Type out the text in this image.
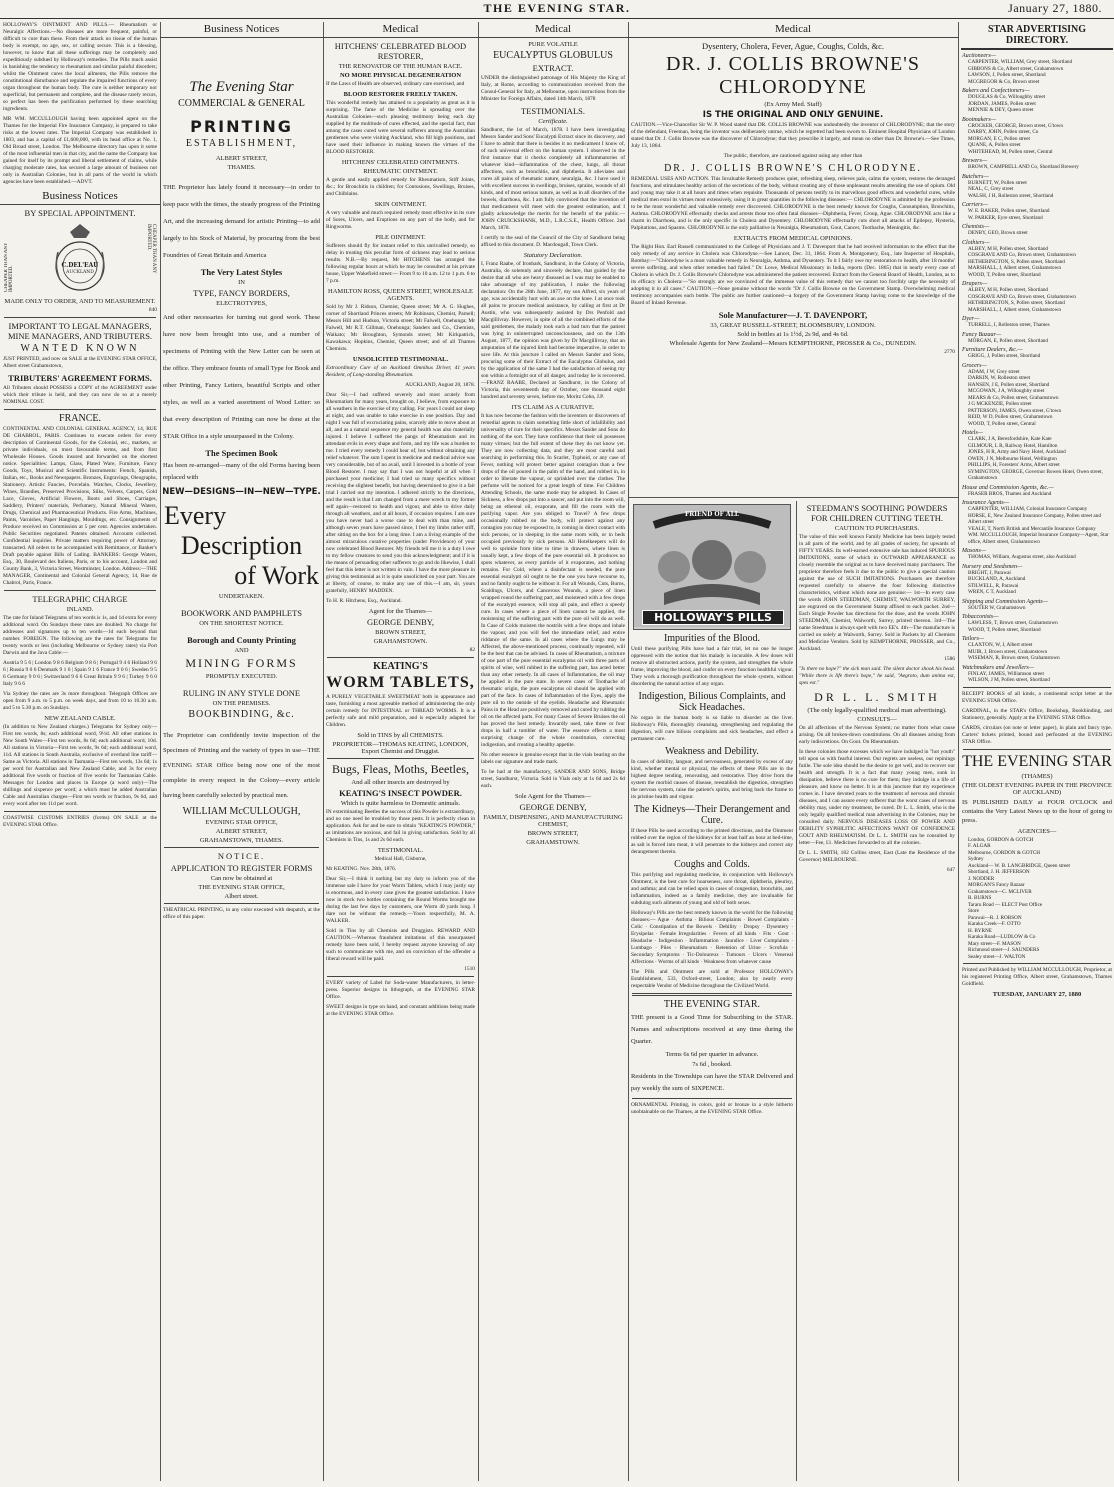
THE EVENING STAR.	January 27, 1880.
HOLLOWAY'S OINTMENT AND PILLS.— Rheumatism or Neuralgic Affections.—No diseases are more frequent, painful, or difficult to cure than these. From their attack no tissue of the human body is exempt, no age, sex, or calling secure. This is a blessing, however, to know that all these sufferings may be completely and expeditiously subdued by Holloway's remedies. The Pills much assist in banishing the tendency to rheumatism and similar painful disorders; whilst the Ointment cures the local ailments, the Pills remove the constitutional disturbance and regulate the impaired functions of every organ throughout the human body. The cure is neither temporary nor superficial, but permanent and complete, and the disease rarely recurs, so perfect has been the purification performed by these searching ingredients.
MR WM. MCCULLOUGH having been appointed agent on the Thames for the Imperial Fire Insurance Company, is prepared to take risks at the lowest rates. The Imperial Company was established in 1803, and has a capital of £1,600,000, with its head office at No. 1, Old Broad street, London. The Melbourne directory has upon it some of the most influential men in that city, and the name the Company has gained for itself by its prompt and liberal settlement of claims, while charging moderate rates, has secured a large amount of business not only in Australian Colonies, but in all parts of the world in which agencies have been established.—ADVT.
Business Notices
BY SPECIAL APPOINTMENT.
CHEAPER THAN ANY IMPORTED.
CHEAPER THAN ANY IMPORTED.
C.DEL'EAU
AUCKLAND
MADE ONLY TO ORDER, AND TO MEASUREMENT.
840
IMPORTANT TO LEGAL MANAGERS, MINE MANAGERS, AND TRIBUTERS.
WANTED KNOWN
JUST PRINTED, and now on SALE at the EVENING STAR OFFICE, Albert street Grahamstown,
TRIBUTERS' AGREEMENT FORMS.
All Tributers should POSSESS a COPY of the AGREEMENT under which their tribute is held, and they can now do so at a merely NOMINAL COST.
FRANCE.
CONTINENTAL AND COLONIAL GENERAL AGENCY, 14, RUE DE CHABROL, PARIS. Continues to execute orders for every description of Continental Goods, for the Colonial, etc., markets, or private individuals, on most favourable terms, and from first Wholesale Houses. Goods insured and forwarded on the shortest notice. Specialities: Lamps, Glass, Plated Ware, Furniture, Fancy Goods, Toys, Musical and Scientific Instruments: French, Spanish, Italian, etc., Books and Newspapers. Bronzes, Engravings, Oleographs, Stationery. Artistic Fancies, Porcelain. Watches, Clocks, Jewellery, Wines, Brandies, Preserved Provisions, Silks, Velvets, Carpets, Gold Lace, Gloves, Artificial Flowers, Boots and Shoes, Carriages, Saddlery, Printers' materials, Perfumery, Natural Mineral Waters, Drugs, Chemical and Pharmaceutical Products. Fire Arms, Machines, Paints, Varnishes, Paper Hangings, Mouldings, etc. Consignments of Produce received on Commission at 5 per cent. Agencies undertaken. Public Securities negotiated. Patents obtained. Accounts collected. Confidential inquiries. Private matters requiring power of Attorney, transacted. All orders to be accompanied with Remittance, or Banker's Draft payable against Bills of Lading. BANKERS: George Waters, Esq., 30, Boulevard des Italiens, Paris, or to his account, London and County Bank, 3, Victoria Street, Westminster, London. Address:—THE MANAGER, Continental and Colonial General Agency, 14, Rue de Chabrol, Paris, France.
TELEGRAPHIC CHARGE
INLAND.
The rate for Inland Telegrams of ten words is 1s, and 1d extra for every additional word. On Sundays these rates are doubled. No charge for addresses and signatures up to ten words—1d each beyond that number. FOREIGN. The following are the rates for Telegrams for twenty words or less (including Melbourne or Sydney rates) via Port Darwin and the Java Cable:—
Austria 9 5 6 | London 9 8 6 Belgium 9 8 6 | Portugal 9 4 6 Holland 9 6 6 | Russia 9 0 6 Denmark 9 1 6 | Spain 9 1 6 France 9 0 6 | Sweden 9 5 6 Germany 9 0 6 | Switzerland 9 6 6 Great Britain 9 9 6 | Turkey 9 6 0 Italy 9 6 6
Via Sydney the rates are 3s more throughout. Telegraph Offices are open from 9 a.m. to 5 p.m. on week days, and from 10 to 10.30 a.m. and 5 to 5.30 p.m. on Sundays.
NEW ZEALAND CABLE.
(In addition to New Zealand charges.) Telegrams for Sydney only—First ten words, 8s; each additional word, 9½d. All other stations in New South Wales—First ten words, 8s 6d; each additional word, 10d. All stations in Victoria—First ten words, 9s 6d; each additional word, 11d. All stations in South Australia, exclusive of overland line tariff—Same as Victoria. All stations in Tasmania—First ten words, 13s 6d; 1s per word for Australian and New Zealand Cable, and 3s for every additional five words or fraction of five words for Tasmanian Cable. Messages for London and places in Europe (a word only)—The shillings and sixpence per word; a which must be added Australian Cable and Australian charges—First ten words or fraction, 9s 6d, and every word after ten 11d per word.
COASTWISE CUSTOMS ENTRIES (forms) ON SALE at the EVENING STAR Office.
Business Notices
The Evening Star
COMMERCIAL & GENERAL
PRINTING
ESTABLISHMENT,
ALBERT STREET,
THAMES.
THE Proprietor has lately found it necessary—in order to keep pace with the times, the steady progress of the Printing Art, and the increasing demand for artistic Printing—to add largely to his Stock of Material, by procuring from the best Foundries of Great Britain and America
The Very Latest Styles
IN
TYPE, FANCY BORDERS,
ELECTROTYPES,
And other necessaries for turning out good work. These have now been brought into use, and a number of specimens of Printing with the New Letter can be seen at the office. They embrace founts of small Type for Book and other Printing, Fancy Letters, beautiful Scripts and other styles, as well as a varied assortment of Wood Letter: so that every description of Printing can now be done at the STAR Office in a style unsurpassed in the Colony.
The Specimen Book
Has been re-arranged—many of the old Forms having been replaced with
NEW—DESIGNS—IN—NEW—TYPE.
Every
Description
of Work
UNDERTAKEN.
BOOKWORK AND PAMPHLETS
ON THE SHORTEST NOTICE.
Borough and County Printing
AND
MINING FORMS
PROMPTLY EXECUTED.
RULING IN ANY STYLE DONE
ON THE PREMISES.
BOOKBINDING, &c.
The Proprietor can confidently invite inspection of the Specimen of Printing and the variety of types in use—THE EVENING STAR Office being now one of the most complete in every respect in the Colony—every article having been carefully selected by practical men.
WILLIAM McCULLOUGH,
EVENING STAR OFFICE,
ALBERT STREET,
GRAHAMSTOWN, THAMES.
NOTICE.
APPLICATION TO REGISTER FORMS
Can now be obtained at
THE EVENING STAR OFFICE,
Albert street.
THEATRICAL PRINTING, in any color executed with despatch, at the office of this paper.
Medical
HITCHENS' CELEBRATED BLOOD RESTORER,
THE RENOVATOR OF THE HUMAN RACE.
NO MORE PHYSICAL DEGENERATION
If the Laws of Health are observed, ordinary care exercised, and
BLOOD RESTORER FREELY TAKEN.
This wonderful remedy has attained to a popularity as great as it is surprising. The fame of the Medicine is spreading over the Australian Colonies—such pleasing testimony being each day supplied by the multitude of cures effected, and the special fact, that among the cases cured were several sufferers among the Australian gentlemen who were visiting Auckland, who fill high positions, and have used their influence in making known the virtues of the BLOOD RESTORER.
HITCHENS' CELEBRATED OINTMENTS.
RHEUMATIC OINTMENT.
A gentle and easily applied remedy for Rheumatism, Stiff Joints, &c.; for Bronchitis in children; for Contusions, Swellings, Bruises, and Chilblains.
SKIN OINTMENT.
A very valuable and much required remedy most effective in its cure of Sores, Ulcers, and Eruptions on any part of the body, and for Ringworms.
PILE OINTMENT.
Sufferers should fly for instant relief to this unrivalled remedy, so delay in treating this peculiar form of sickness may lead to serious results. N.B.—By request, Mr HITCHENS has arranged the following regular hours at which he may be consulted at his private house, Upper Wakefield street:— From 9 to 10 a.m. 12 to 1 p.m. 6 to 7 p.m.
HAMILTON ROSS, QUEEN STREET, WHOLESALE AGENTS.
Sold by Mr J. Ridson, Chemist, Queen street; Mr A. G. Hughes, corner of Shortland Princes streets; Mr Robinson, Chemist, Parnell; Messrs Hill and Hudson, Victoria street; Mr Falwell, Onehunga; Mr Falwell, Mr R.T. Gillman, Onehunga; Sanders and Co., Chemists, Waikato; Mr Broughton, Symonds street; Mr Kirkpatrick, Kawakawa; Hopkins, Chemist, Queen street; and of all Thames Chemists.
UNSOLICITED TESTIMONIAL.
Extraordinary Cure of an Auckland Omnibus Driver, 41 years Resident, of Long-standing Rheumatism.
AUCKLAND, August 20, 1878.
Dear Sir,—I had suffered severely and most acutely from Rheumatism for many years, brought on, I believe, from exposure to all weathers in the exercise of my calling. For years I could not sleep at night, and was unable to take exercise in one position. Day and night I was full of excruciating pains, scarcely able to move about at all, and as a natural sequence my general health was also materially injured. I believe I suffered the pangs of Rheumatism and its attendant evils in every shape and form, and my life was a burden to me. I tried every remedy I could hear of, but without obtaining any relief whatever. The sum I spent in medicine and medical advice was very considerable, but of no avail, until I invested in a bottle of your Blood Restorer. I may say that I was not hopeful at all when I purchased your medicine; I had tried so many specifics without receiving the slightest benefit, but having determined to give it a fair trial I carried out my intention. I adhered strictly to the directions, and the result is that I am changed from a mere wreck to my former self again—restored to health and vigour, and able to drive daily through all weathers, and at all hours, if occasion requires. I am sure you have never had a worse case to deal with than mine, and although seven years have passed since, I feel my limbs rather stiff, after sitting on the box for a long time. I am a living example of the almost miraculous curative properties (under Providence) of your now celebrated Blood Restorer. My friends tell me it is a duty I owe to my fellow creatures to send you this acknowledgment; and if it is the means of persuading other sufferers to go and do likewise, I shall feel that this letter is not written in vain. I have the more pleasure in giving this testimonial as it is quite unsolicited on your part. You are at liberty, of course, to make any use of this.—I am, sir, yours gratefully, HENRY MADDEN.
To H. R. Hitchens, Esq., Auckland.
Agent for the Thames—
GEORGE DENBY,
BROWN STREET,
GRAHAMSTOWN.
82
KEATING'S
WORM TABLETS,
A PURELY VEGETABLE SWEETMEAT both in appearance and taste, furnishing a most agreeable method of administering the only certain remedy for INTESTINAL or THREAD WORMS. It is a perfectly safe and mild preparation, and is especially adapted for Children.
Sold in TINS by all CHEMISTS.
PROPRIETOR—THOMAS KEATING, LONDON, Export Chemist and Druggist.
Bugs, Fleas, Moths, Beetles,
And all other insects are destroyed by
KEATING'S INSECT POWDER.
Which is quite harmless to Domestic animals.
IN exterminating Beetles the success of this Powder is extraordinary, and no one need be troubled by those pests. It is perfectly clean in application. Ask for and be sure to obtain "KEATING'S POWDER," as imitations are noxious, and fail in giving satisfaction. Sold by all Chemists in Tins, 1s and 2s 6d each.
TESTIMONIAL.
Medical Hall, Gisborne,
Mr KEATING. Nov. 28th, 1876.
Dear Sir,—I think it nothing but my duty to inform you of the immense sale I have for your Worm Tablets, which I may justly say is enormous, and in every case gives the greatest satisfaction. I have now in stock two bottles containing the Round Worms brought me during the last few days by customers, one Worm 40 yards long. I dare not be without the remedy.—Yours respectfully, M. A. WALKER.
Sold in Tins by all Chemists and Druggists. REWARD AND CAUTION.—Whereas fraudulent imitations of this unsurpassed remedy have been sold, I hereby request anyone knowing of any such to communicate with me, and on conviction of the offender a liberal reward will be paid.
1510
EVERY variety of Label for Soda-water Manufacturers, in letter-press. Superior designs in lithograph, at the EVENING STAR Office.
SWEET designs in type on hand, and constant additions being made at the EVENING STAR Office.
Medical
PURE VOLATILE
EUCALYPTUS GLOBULUS
EXTRACT.
UNDER the distinguished patronage of His Majesty the King of Italy, at Rome, according to communication received from the Consul-General for Italy, at Melbourne, upon instructions from the Minister for Foreign Affairs, dated 14th March, 1878
TESTIMONIALS.
Certificate.
Sandhurst, the 1st of March, 1878. I have been investigating Messrs Sander and Sons' Eucalypti Extract since its discovery, and I have to admit that there is besides it no medicament I know of, of such universal effect on the human system. I observed in the first instance that it checks completely all inflammatories of whatever kind—inflammation of the chest, lungs, all throat affections, such as bronchitis, and diphtheria. It alleviates and cures all pains of rheumatic nature, neuralgia, &c. I have used it with excellent success in swellings, bruises, sprains, wounds of all kinds, and of most serious nature, as well as in all disorders of the bowels, diarrhoea, &c. I am fully convinced that the invention of that medicament will meet with the greatest estimation, and I gladly acknowledge the merits for the benefit of the public.—JOHN CRUICKSHANK, M.D., L.R.C.S.E., Health Officer. 2nd March, 1878.
I certify to the seal of the Council of the City of Sandhurst being affixed to this document. D. Macdougall, Town Clerk.
Statutory Declaration.
I, Franz Raabe, of Ironbark, Sandhurst, in the Colony of Victoria, Australia, do solemnly and sincerely declare, that guided by the desire that all who are heavy diseased as I was may be enabled to take advantage of my publication, I make the following declaration: On the 28th June, 1877, my son Alfred, six years of age, was accidentally hurt with an axe on the knee. I at once took all pains to procure medical assistance, by calling at first at Dr Austin, who was subsequently assisted by Drs Penfold and Macgillivray. However, in spite of all the combined efforts of the said gentlemen, the malady took such a bad turn that the patient was lying in uninterrupted unconsciousness, and on the 13th August, 1877, the opinion was given by Dr Macgillivray, that an amputation of the injured limb had become imperative, in order to save life. At this juncture I called on Messrs Sander and Sons, procuring some of their Extract of the Eucalyptus Globulus, and by the application of the same I had the satisfaction of seeing my son within a fortnight out of all danger, and today he is recovered.—FRANZ RAABE, Declared at Sandhurst, in the Colony of Victoria, this seventeenth day of October, one thousand eight hundred and seventy seven, before me, Moritz Cohn, J.P.
ITS CLAIM AS A CURATIVE.
It has now become the fashion with the inventors or discoverers of remedial agents to claim something little short of infallibility and universality of cure for their specifics. Messrs Sander and Sons do nothing of the sort. They have confidence that their oil possesses many virtues; but the full extent of these they do not know yet. They are now collecting data, and they are most careful and searching in performing this. In Scarlet, Typhoid, or any case of Fever, nothing will protect better against contagion than a few drops of the oil poured in the palm of the hand, and rubbed in, in order to liberate the vapour, or sprinkled over the clothes. The perfume will be noticed for a great length of time. For Children Attending Schools, the same mode may be adopted. In Cases of Sickness, a few drops put into a saucer, and put into the room will, being an ethereal oil, evaporate, and fill the room with the purifying vapor. Are you obliged to Travel? A few drops occasionally rubbed on the body, will protect against any contagion you may be exposed to, in coming in direct contact with sick persons, or in sleeping in the same room with, or in beds occupied previously by sick persons. All Hotelkeepers will do well to sprinkle from time to time in drawers, where linen is usually kept, a few drops of the pure essential oil. It produces no spots whatever, as every particle of it evaporates, and nothing remains. For Cold, where a disinfectant is needed, the pure essential eucalypti oil ought to be the one you have recourse to, and no family ought to be without it. For all Wounds, Cuts, Burns, Scaldings, Ulcers, and Cancerous Wounds, a piece of linen wrapped round the suffering part, and moistened with a few drops of the eucalypti essence, will stop all pain, and effect a speedy cure. In cases where a piece of linen cannot be applied, the moistening of the suffering part with the pure oil will do as well. In Case of Colds moisten the nostrils with a few drops and inhale the vapour, and you will feel the immediate relief, and entire riddance of the same. In all cases where the Lungs may be Affected, the above-mentioned process, continually repeated, will be the best that can be advised. In cases of Rheumatism, a mixture of one part of the pure essential eucalyptus oil with three parts of spirits of wine, well rubbed in the suffering part, has acted better than any other remedy. In all cases of Inflammation, the oil may be applied in the pure state. In severe cases of Toothache of rheumatic origin, the pure eucalyptus oil should be applied with part of the face. In cases of Inflammation of the Eyes, apply the pure oil to the outside of the eyelids. Headache and Rheumatic Pains in the Head are positively removed and cured by rubbing the oil on the affected parts. For many Cases of Severe Bruises the oil has proved the best remedy. Inwardly used, take three or four drops in half a tumbler of water. The essence effects a most surprising change of the whole constitution, correcting indigestion, and creating a healthy appetite.
No other essence is genuine except that in the vials bearing on the labels our signature and trade mark.
To be had at the manufactory, SANDER AND SONS, Bridge street, Sandhurst, Victoria. Sold in Vials only at 1s 6d and 2s 6d each.
Sole Agent for the Thames—
GEORGE DENBY,
FAMILY, DISPENSING, AND MANUFACTURING CHEMIST,
BROWN STREET,
GRAHAMSTOWN.
Medical
Dysentery, Cholera, Fever, Ague, Coughs, Colds, &c.
DR. J. COLLIS BROWNE'S CHLORODYNE
(Ex Army Med. Staff)
IS THE ORIGINAL AND ONLY GENUINE.
CAUTION.—Vice-Chancellor Sir W. P. Wood stated that DR. COLLIS BROWNE was undoubtedly the inventor of CHLORODYNE; that the story of the defendant, Freeman, being the inventor was deliberately untrue, which he regretted had been sworn to. Eminent Hospital Physicians of London stated that Dr. J. Collis Browne was the discoverer of Chlorodyne; that they prescribe it largely, and mean no other than Dr. Browne's.—See Times, July 13, 1864.
The public, therefore, are cautioned against using any other than
DR. J. COLLIS BROWNE'S CHLORODYNE.
REMEDIAL USES AND ACTION. This Invaluable Remedy produces quiet, refreshing sleep, relieves pain, calms the system, restores the deranged functions, and stimulates healthy action of the secretions of the body, without creating any of those unpleasant results attending the use of opium. Old and young may take it at all hours and times when requisite. Thousands of persons testify to its marvellous good effects and wonderful cures, while medical men extol its virtues most extensively, using it in great quantities in the following diseases:— CHLORODYNE is admitted by the profession to be the most wonderful and valuable remedy ever discovered. CHLORODYNE is the best remedy known for Coughs, Consumption, Bronchitis, Asthma. CHLORODYNE effectually checks and arrests those too often fatal diseases—Diphtheria, Fever, Croup, Ague. CHLORODYNE acts like a charm in Diarrhoea, and is the only specific in Cholera and Dysentery. CHLORODYNE effectually cuts short all attacks of Epilepsy, Hysteria, Palpitations, and Spasms. CHLORODYNE is the only palliative in Neuralgia, Rheumatism, Gout, Cancer, Toothache, Meningitis, &c.
EXTRACTS FROM MEDICAL OPINIONS.
The Right Hon. Earl Russell communicated to the College of Physicians and J. T. Davenport that he had received information to the effect that the only remedy of any service in Cholera was Chlorodyne.—See Lancet, Dec. 31, 1864. From A. Montgomery, Esq., late Inspector of Hospitals, Bombay:—"Chlorodyne is a most valuable remedy in Neuralgia, Asthma, and Dysentery. To it I fairly owe my restoration to health, after 18 months' severe suffering, and when other remedies had failed." Dr. Lowe, Medical Missionary in India, reports (Dec. 1865) that in nearly every case of Cholera in which Dr. J. Collis Browne's Chlorodyne was administered the patient recovered. Extract from the General Board of Health, London, as to its efficacy in Cholera:—"So strongly are we convinced of the immense value of this remedy that we cannot too forcibly urge the necessity of adopting it in all cases." CAUTION.—None genuine without the words "Dr J. Collis Browne on the Government Stamp. Overwhelming medical testimony accompanies each bottle. The public are further cautioned—a forgery of the Government Stamp having come to the knowledge of the Board of Inland Revenue.
Sole Manufacturer—J. T. DAVENPORT,
33, GREAT RUSSELL-STREET, BLOOMSBURY, LONDON.
Sold in bottles at 1s 1½d, 2s 9d, and 4s 6d.
Wholesale Agents for New Zealand—Messrs KEMPTHORNE, PROSSER & Co., DUNEDIN.
2770
FRIEND OF ALL
HOLLOWAY'S PILLS
Impurities of the Blood.
Until these purifying Pills have had a fair trial, let no one be longer oppressed with the notion that his malady is incurable. A few doses will remove all obstructed actions, purify the system, and strengthen the whole frame, improving the blood, and confer on every function healthful vigour. They work a thorough purification throughout the whole system, without disordering the natural action of any organ.
Indigestion, Bilious Complaints, and Sick Headaches.
No organ in the human body is so liable to disorder as the liver. Holloway's Pills, thoroughly cleansing, strengthening and regulating the digestion, will cure bilious complaints and sick headaches, and effect a permanent cure.
Weakness and Debility.
In cases of debility, languor, and nervousness, generated by excess of any kind, whether mental or physical, the effects of these Pills are in the highest degree tending, renovating, and restorative. They drive from the system the morbid causes of disease, reestablish the digestion, strengthen the nervous system, raise the patient's spirits, and bring back the frame to its pristine health and vigour.
The Kidneys—Their Derangement and Cure.
If these Pills be used according to the printed directions, and the Ointment rubbed over the region of the kidneys for at least half an hour at bed-time, as salt is forced into meat, it will penetrate to the kidneys and correct any derangement therein.
Coughs and Colds.
This purifying and regulating medicine, in conjunction with Holloway's Ointment, is the best cure for hoarseness, sore throat, diphtheria, pleurisy, and asthma; and can be relied upon in cases of congestion, bronchitis, and inflammation, indeed as a family medicine, they are invaluable for subduing such ailments of young and old of both sexes.
Holloway's Pills are the best remedy known in the world for the following diseases:— Ague · Asthma · Bilious Complaints · Bowel Complaints · Colic · Constipation of the Bowels · Debility · Dropsy · Dysentery · Erysipelas · Female Irregularities · Fevers of all kinds · Fits · Gout · Headache · Indigestion · Inflammation · Jaundice · Liver Complaints · Lumbago · Piles · Rheumatism · Retention of Urine · Scrofula · Secondary Symptoms · Tic-Doloureux · Tumours · Ulcers · Venereal Affections · Worms of all kinds · Weakness from whatever cause
The Pills and Ointment are sold at Professor HOLLOWAY's Establishment, 533, Oxford-street, London; also by nearly every respectable Vendor of Medicine throughout the Civilized World.
THE EVENING STAR.
THE present is a Good Time for Subscribing to the STAR. Names and subscriptions received at any time during the Quarter.
Terms 6s 6d per quarter in advance.
7s 6d , booked.
Residents in the Townships can have the STAR Delivered and pay weekly the sum of SIXPENCE.
ORNAMENTAL Printing, in colors, gold or bronze in a style hitherto unobtainable on the Thames, at the EVENING STAR Office.
STEEDMAN'S SOOTHING POWDERS FOR CHILDREN CUTTING TEETH.
CAUTION TO PURCHASERS.
The value of this well known Family Medicine has been largely tested in all parts of the world, and by all grades of society, for upwards of FIFTY YEARS. Its well-earned extensive sale has induced SPURIOUS IMITATIONS, some of which in OUTWARD APPEARANCE so closely resemble the original as to have deceived many purchasers. The proprietor therefore feels it due to the public to give a special caution against the use of SUCH IMITATIONS. Purchasers are therefore requested carefully to observe the four following distinctive characteristics, without which none are genuine:— 1st—In every case the words JOHN STEEDMAN, CHEMIST, WALWORTH SURREY, are engraved on the Government Stamp affixed to each packet. 2nd—Each Single Powder has directions for the dose, and the words JOHN STEEDMAN, Chemist, Walworth, Surrey, printed thereon. 3rd—The name Steedman is always spelt with two EE's. 4th—The manufacture is carried on solely at Walworth, Surrey. Sold in Packets by all Chemists and Medicine Vendors. Sold by KEMPTHORNE, PROSSER, and Co., Auckland.
1586
"Is there no hope?" the sick man said. The silent doctor shook his head. "While there is life there's hope," he said, "Aegroto, dum anima est, spes est."
DR L. L. SMITH
(The only legally-qualified medical man advertising).
CONSULTS—
On all affections of the Nervous System; no matter from what cause arising. On all broken-down constitutions. On all diseases arising from early indiscretions. On Gout. On Rheumatism.
In these colonies those excesses which we have indulged in "hot youth" tell upon us with fearful interest. Our regrets are useless, our repinings futile. The sole idea should be the desire to get well, and to recover our health and strength. It is a fact that many young men, sunk in dissipation, believe there is no cure for them; they indulge in a life of pleasure, and know no better. It is at this juncture that my experience comes in. I have devoted years to the treatment of nervous and chronic diseases, and I can assure every sufferer that the worst cases of nervous debility may, under my treatment, be cured. Dr L. L. Smith, who is the only legally qualified medical man advertising in the Colonies, may be consulted daily. NERVOUS DISEASES LOSS OF POWER AND DEBILITY SYPHILITIC AFFECTIONS WANT OF CONFIDENCE GOUT AND RHEUMATISM. Dr L. L. SMITH can be consulted by letter—Fee, £1. Medicines forwarded to all the colonies.
Dr L. L. SMITH, 182 Collins street, East (Late the Residence of the Governor) MELBOURNE.
647
STAR ADVERTISING DIRECTORY.
Auctioneers—
CARPENTER, WILLIAM, Grey street, Shortland
GIBBONS & Co, Albert street, Grahamstown
LAWSON, J, Pollen street, Shortland
MCGREGOR & Co, Brown street
Bakers and Confectioners—
DOUGLAS & Co, Willoughby street
JORDAN, JAMES, Pollen street
MENNIE & DEY, Queen street
Bootmakers—
CROCKER, GEORGE, Brown street, G'town
DARBY, JOHN, Pollen street, Co
MORGAN, E C, Pollen street
QUANE, A, Pollen street
WHITEHEAD, M, Pollen street, Central
Brewers—
BROWN, CAMPBELL AND Co, Shortland Brewery
Butchers—
BURNETT, W, Pollen street
NEAL, C, Grey street
WALSH, J H, Rolleston street, Shortland
Carriers—
W. E. BAKER, Pollen street, Shortland
W. PARKER, Eyre street, Shortland
Chemists—
DENBY, GEO, Brown street
Clothiers—
ALBEY, M H, Pollen street, Shortland
COSGRAVE AND Co, Brown street, Grahamstown
HETHERINGTON, S, Pollen street, Shortland
MARSHALL, J, Albert street, Grahamstown
WOOD, T, Pollen street, Shortland
Drapers—
ALBEY, M H, Pollen street, Shortland
COSGRAVE AND Co, Brown street, Grahamstown
HETHERINGTON, S, Pollen street, Shortland
MARSHALL, J, Albert street, Grahamstown
Dyer—
TURRELL, I, Rolleston street, Thames
Fancy Bazaar—
MORGAN, E, Pollen street, Shortland
Furniture Dealers, &c.—
GRIGG, J, Pollen street, Shortland
Grocers—
ADAM, J W, Grey street
DARKIN, W, Rolleston street
HANSEN, J E, Pollen street, Shortland
MCGOWAN, J A, Willoughby street
MEARS & Co, Pollen street, Grahamstown
J G MCKENZIE, Pollen street
PATTERSON, JAMES, Owen street, G'town
REID, W D, Pollen street, Grahamstown
WOOD, T, Pollen street, Central
Hotels—
CLARK, J A, Beresfordshire, Kate Kate
GILMOUR, L R, Railway Hotel, Hamilton
JONES, H R, Army and Navy Hotel, Auckland
OWEN, J N, Melbourne Hotel, Wellington
PHILLIPS, H, Foresters' Arms, Albert street
SYMINGTON, GEORGE, Governor Bowen Hotel, Owen street, Grahamstown
House and Commission Agents, &c.—
FRASER BROS, Thames and Auckland
Insurance Agents—
CARPENTER, WILLIAM, Colonial Insurance Company
HORSE, E, New Zealand Insurance Company, Pollen street and Albert street
VEALE, T, North British and Mercantile Insurance Company
WM. MCCULLOUGH, Imperial Insurance Company—Agent, Star office, Albert street, Grahamstown
Masons—
THOMAS, William, Augustus street, also Auckland
Nursery and Seedsmen—
BRIGHT, J, Parawai
BUCKLAND, A, Auckland
STILWELL, R, Parawai
WREN, C T, Auckland
Shipping and Commission Agents—
SOUTER W, Grahamstown
Tobacconists—
LAWLESS, T, Brown street, Grahamstown
WOOD, T, Pollen street, Shortland
Tailors—
CLAXTON, W, J, Albert street
MUIR, J, Brown street, Grahamstown
WISEMAN, R, Brown street, Grahamstown
Watchmakers and Jewellers—
FINLAY, JAMES, Williamson street
WILSON, J M, Pollen street, Shortland
RECEIPT BOOKS of all kinds, a continental script letter at the EVENING STAR Office.
CARDINAL, in the STAR's Office, Bookshop, Bookbinding, and Stationery, generally. Apply at the EVENING STAR Office.
CARDS, circulars (on note or letter paper), in plain and fancy type. Carters' tickets printed, bound and perforated at the EVENING STAR Office.
THE EVENING STAR
(THAMES)
(THE OLDEST EVENING PAPER IN THE PROVINCE OF AUCKLAND)
IS PUBLISHED DAILY at FOUR O'CLOCK and contains the Very Latest News up to the hour of going to press.
AGENCIES—
London, GORDON & GOTCH
F. ALGAR
Melbourne, GORDON & GOTCH
Sydney
Auckland— W. B. LANGBRIDGE, Queen street
Shortland, J. H. JEFFERSON
J. NODDER
MORGAN'S Fancy Bazaar
Grahamstown—C. MCLIVER
R. BURNS
Tararu Road — ELECT Post Office
Store
Parawai—R. J. ROBSON
Karaka Creek—F. OTTO
H. BYRNE
Karaka Road—LUDLOW & Co
Mary street—F. MASON
Richmond street—J. SAUNDERS
Sealey street—J. WALTON
Printed and Published by WILLIAM MCCULLOUGH, Proprietor, at his registered Printing Office, Albert street, Grahamstown, Thames Goldfield.
TUESDAY, JANUARY 27, 1880
